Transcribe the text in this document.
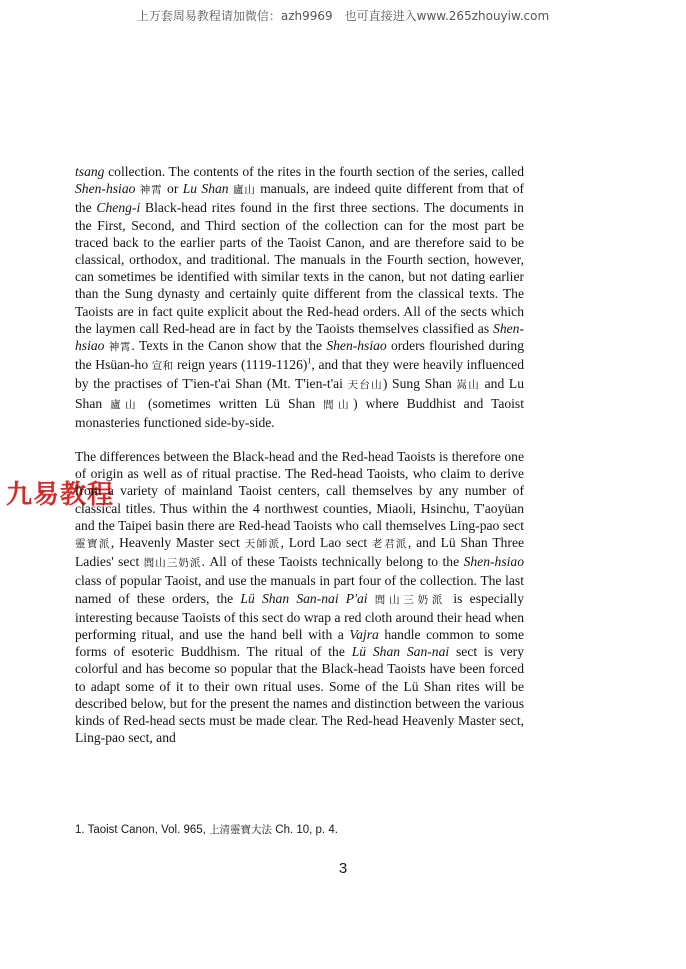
上万套周易教程请加微信：azh9969　也可直接进入www.265zhouyiw.com
九易教程

tsang collection. The contents of the rites in the fourth section of the series, called Shen-hsiao 神霄 or Lu Shan 廬山 manuals, are indeed quite different from that of the Cheng-i Black-head rites found in the first three sections. The documents in the First, Second, and Third section of the collection can for the most part be traced back to the earlier parts of the Taoist Canon, and are therefore said to be classical, orthodox, and traditional. The manuals in the Fourth section, however, can sometimes be identified with similar texts in the canon, but not dating earlier than the Sung dynasty and certainly quite different from the classical texts. The Taoists are in fact quite explicit about the Red-head orders. All of the sects which the laymen call Red-head are in fact by the Taoists themselves classified as Shen-hsiao 神霄. Texts in the Canon show that the Shen-hsiao orders flourished during the Hsüan-ho 宣和 reign years (1119-1126)$^1$, and that they were heavily influenced by the practises of T'ien-t'ai Shan (Mt. T'ien-t'ai 天台山) Sung Shan 嵩山 and Lu Shan 廬山 (sometimes written Lü Shan 閭山) where Buddhist and Taoist monasteries functioned side-by-side.

The differences between the Black-head and the Red-head Taoists is therefore one of origin as well as of ritual practise. The Red-head Taoists, who claim to derive from a variety of mainland Taoist centers, call themselves by any number of classical titles. Thus within the 4 northwest counties, Miaoli, Hsinchu, T'aoyüan and the Taipei basin there are Red-head Taoists who call themselves Ling-pao sect 靈寶派, Heavenly Master sect 天師派, Lord Lao sect 老君派, and Lü Shan Three Ladies' sect 閭山三奶派. All of these Taoists technically belong to the Shen-hsiao class of popular Taoist, and use the manuals in part four of the collection. The last named of these orders, the Lü Shan San-nai P'ai 閭山三奶派 is especially interesting because Taoists of this sect do wrap a red cloth around their head when performing ritual, and use the hand bell with a Vajra handle common to some forms of esoteric Buddhism. The ritual of the Lü Shan San-nai sect is very colorful and has become so popular that the Black-head Taoists have been forced to adapt some of it to their own ritual uses. Some of the Lü Shan rites will be described below, but for the present the names and distinction between the various kinds of Red-head sects must be made clear. The Red-head Heavenly Master sect, Ling-pao sect, and

1. Taoist Canon, Vol. 965, 上清靈寶大法 Ch. 10, p. 4.
3
